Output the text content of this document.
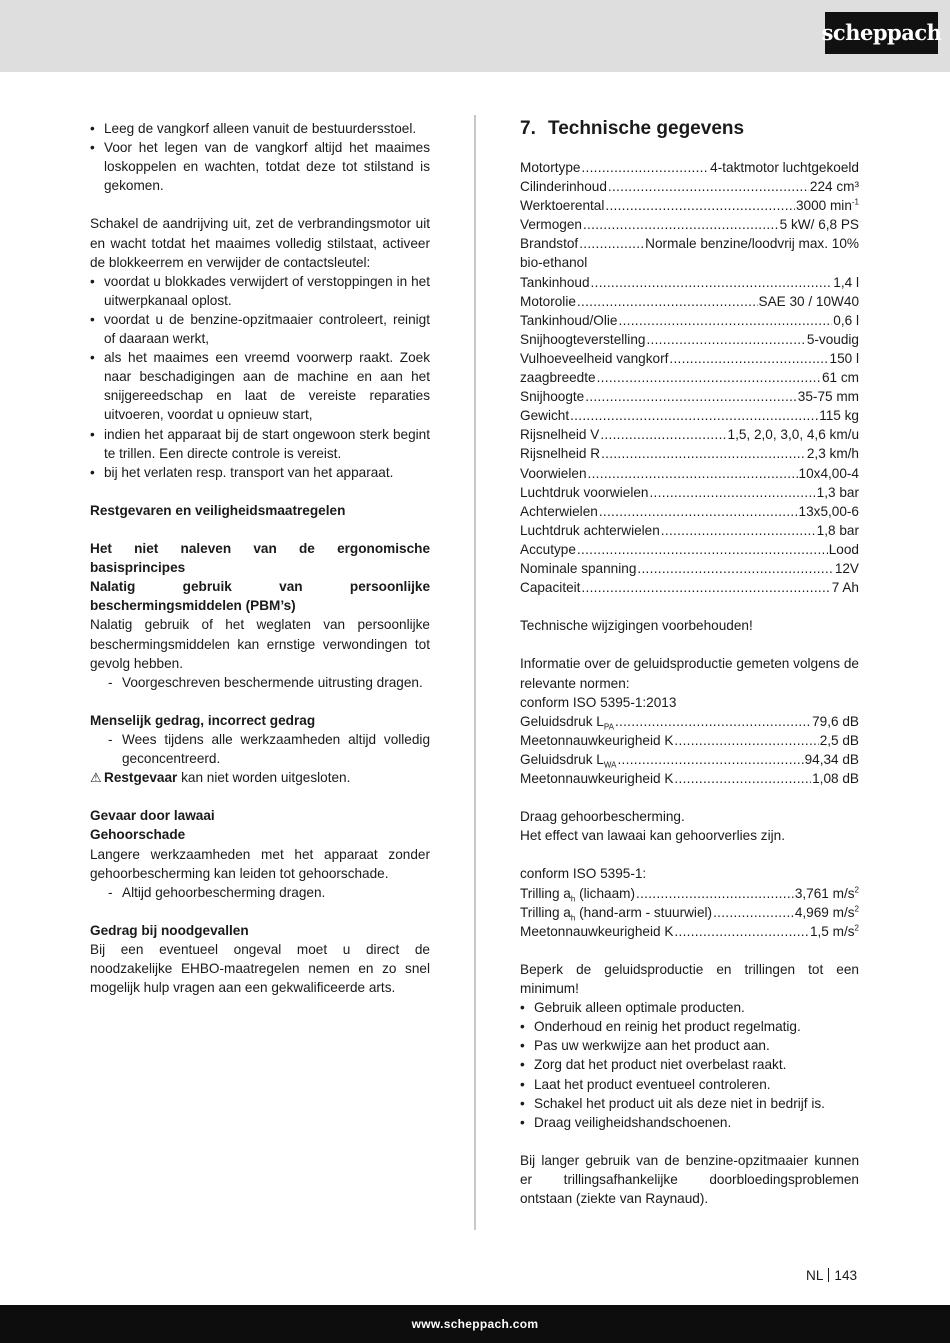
scheppach
• Leeg de vangkorf alleen vanuit de bestuurdersstoel.
• Voor het legen van de vangkorf altijd het maaimes loskoppelen en wachten, totdat deze tot stilstand is gekomen.

Schakel de aandrijving uit, zet de verbrandingsmotor uit en wacht totdat het maaimes volledig stilstaat, activeer de blokkeerrem en verwijder de contactsleutel:

• voordat u blokkades verwijdert of verstoppingen in het uitwerpkanaal oplost.
• voordat u de benzine-opzitmaaier controleert, reinigt of daaraan werkt,
• als het maaimes een vreemd voorwerp raakt. Zoek naar beschadigingen aan de machine en aan het snijgereedschap en laat de vereiste reparaties uitvoeren, voordat u opnieuw start,
• indien het apparaat bij de start ongewoon sterk begint te trillen. Een directe controle is vereist.
• bij het verlaten resp. transport van het apparaat.

Restgevaren en veiligheidsmaatregelen

Het niet naleven van de ergonomische basisprincipes

Nalatig gebruik van persoonlijke beschermingsmiddelen (PBM’s)

Nalatig gebruik of het weglaten van persoonlijke beschermingsmiddelen kan ernstige verwondingen tot gevolg hebben.

- Voorgeschreven beschermende uitrusting dragen.

Menselijk gedrag, incorrect gedrag

- Wees tijdens alle werkzaamheden altijd volledig geconcentreerd.

⚠ Restgevaar kan niet worden uitgesloten.

Gevaar door lawaai

Gehoorschade

Langere werkzaamheden met het apparaat zonder gehoorbescherming kan leiden tot gehoorschade.

- Altijd gehoorbescherming dragen.

Gedrag bij noodgevallen

Bij een eventueel ongeval moet u direct de noodzakelijke EHBO-maatregelen nemen en zo snel mogelijk hulp vragen aan een gekwalificeerde arts.

7. Technische gegevens
Motortype .....	4-taktmotor luchtgekoeld
Cilinderinhoud .....	224 cm³
Werktoerental .....	3000 $\min^{-1}$
Vermogen .....	5 kW/ 6,8 PS
Brandstof .....	Normale benzine/loodvrij max. 10%

bio-ethanol

Tankinhoud .....	1,4 l
Motorolie .....	SAE 30 / 10W40
Tankinhoud/Olie .....	0,6 l
Snijhoogteverstelling .....	5-voudig
Vulhoeveelheid vangkorf .....	150 l
zaagbreedte .....	61 cm
Snijhoogte .....	35-75 mm
Gewicht .....	115 kg
Rijsnelheid V .....	1,5, 2,0, 3,0, 4,6 km/u
Rijsnelheid R .....	2,3 km/h
Voorwielen .....	10x4,00-4
Luchtdruk voorwielen .....	1,3 bar
Achterwielen .....	13x5,00-6
Luchtdruk achterwielen .....	1,8 bar
Accutype .....	Lood
Nominale spanning .....	12V
Capaciteit .....	7 Ah

Technische wijzigingen voorbehouden!

Informatie over de geluidsproductie gemeten volgens de relevante normen:

conform ISO 5395-1:2013

Geluidsdruk $L_{PA}$ .....	79,6 dB
Meetonnauwkeurigheid K .....	2,5 dB
Geluidsdruk $L_{WA}$ .....	94,34 dB
Meetonnauwkeurigheid K .....	1,08 dB

Draag gehoorbescherming.

Het effect van lawaai kan gehoorverlies zijn.

conform ISO 5395-1:

Trilling $a_h$ (lichaam) .....	3,761 $m/s^2$
Trilling $a_h$ (hand-arm - stuurwiel) .....	4,969 $m/s^2$
Meetonnauwkeurigheid K .....	1,5 $m/s^2$

Beperk de geluidsproductie en trillingen tot een minimum!

• Gebruik alleen optimale producten.
• Onderhoud en reinig het product regelmatig.
• Pas uw werkwijze aan het product aan.
• Zorg dat het product niet overbelast raakt.
• Laat het product eventueel controleren.
• Schakel het product uit als deze niet in bedrijf is.
• Draag veiligheidshandschoenen.

Bij langer gebruik van de benzine-opzitmaaier kunnen er trillingsafhankelijke doorbloedingsproblemen ontstaan (ziekte van Raynaud).

NL 143
www.scheppach.com
